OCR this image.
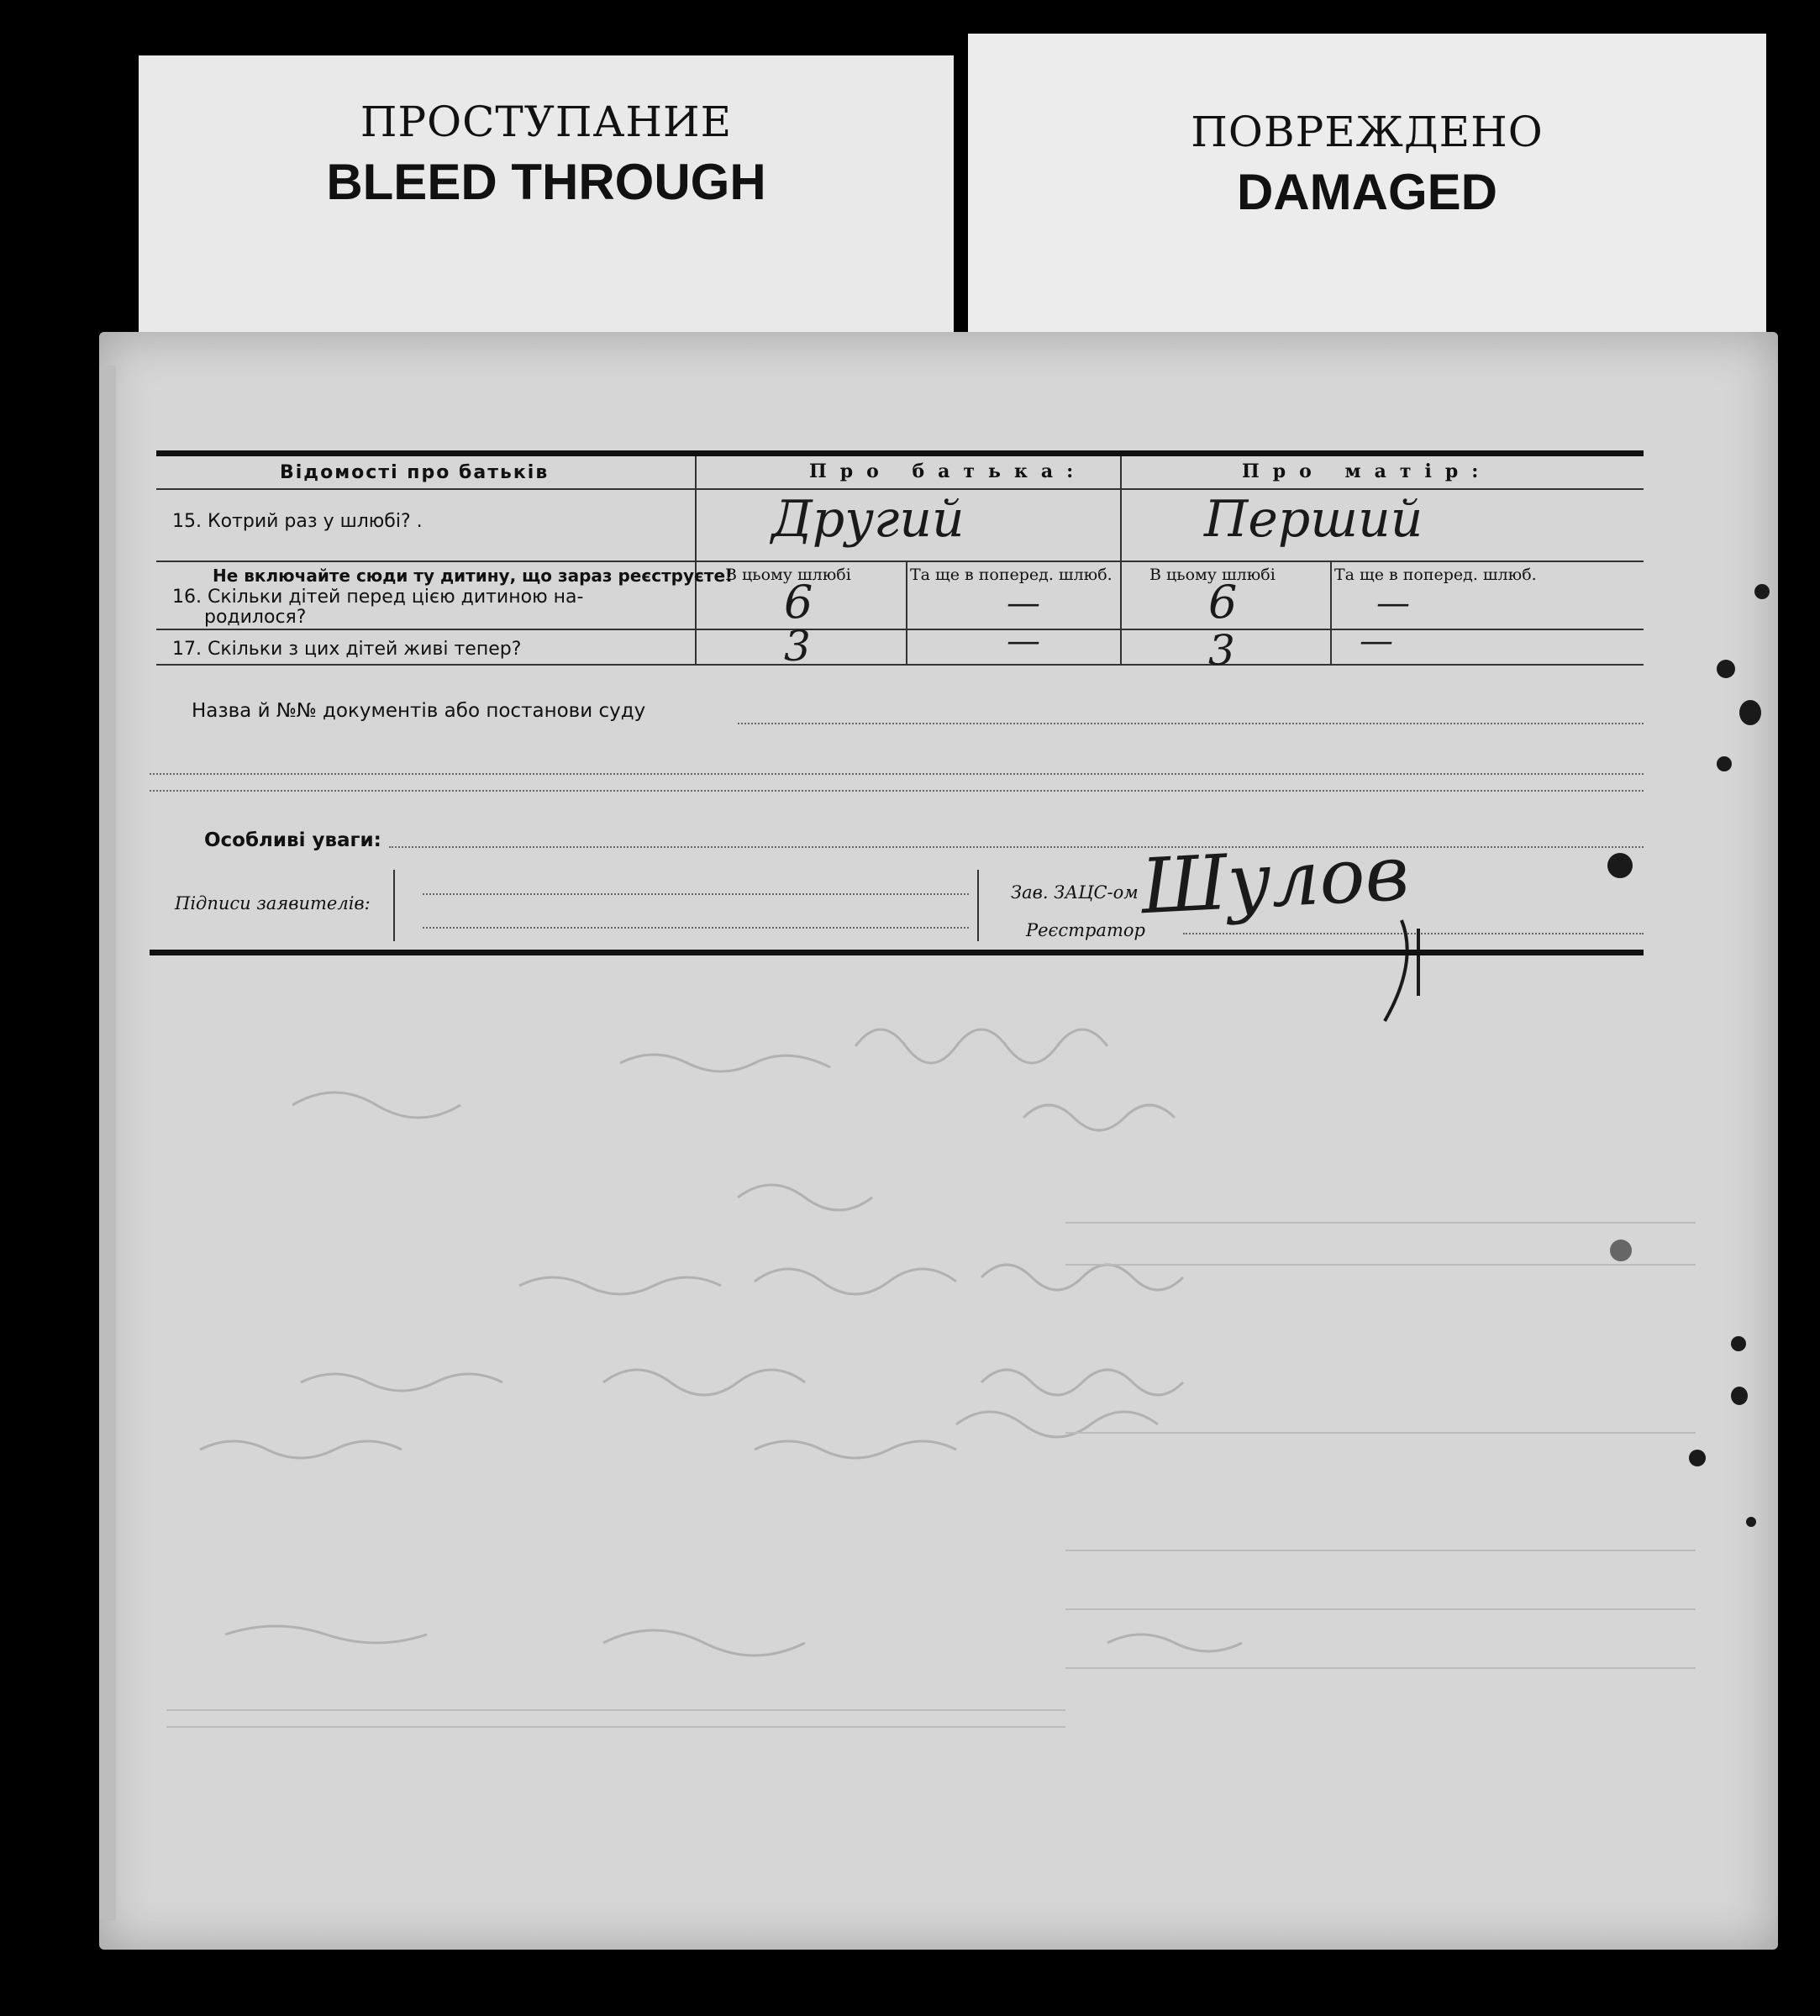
ПРОСТУПАНИЕ
BLEED THROUGH
ПОВРЕЖДЕНО
DAMAGED
Відомості про батьків	Про батька:	Про матір:
15. Котрий раз у шлюбі? .	Другий	Перший
Не включайте сюди ту дитину, що зараз реєструєте!
16. Скільки дітей перед цією дитиною на-
родилося?
В цьому шлюбі	Та ще в поперед. шлюб. В цьому шлюбі	Та ще в поперед. шлюб.
6	—	6	—
17. Скільки з цих дітей живі тепер?	3	—	3	—
Назва й №№ документів або постанови суду
Особливі уваги:
Підписи заявителів:
Зав. ЗАЦС-ом
Реєстратор
Шулов
